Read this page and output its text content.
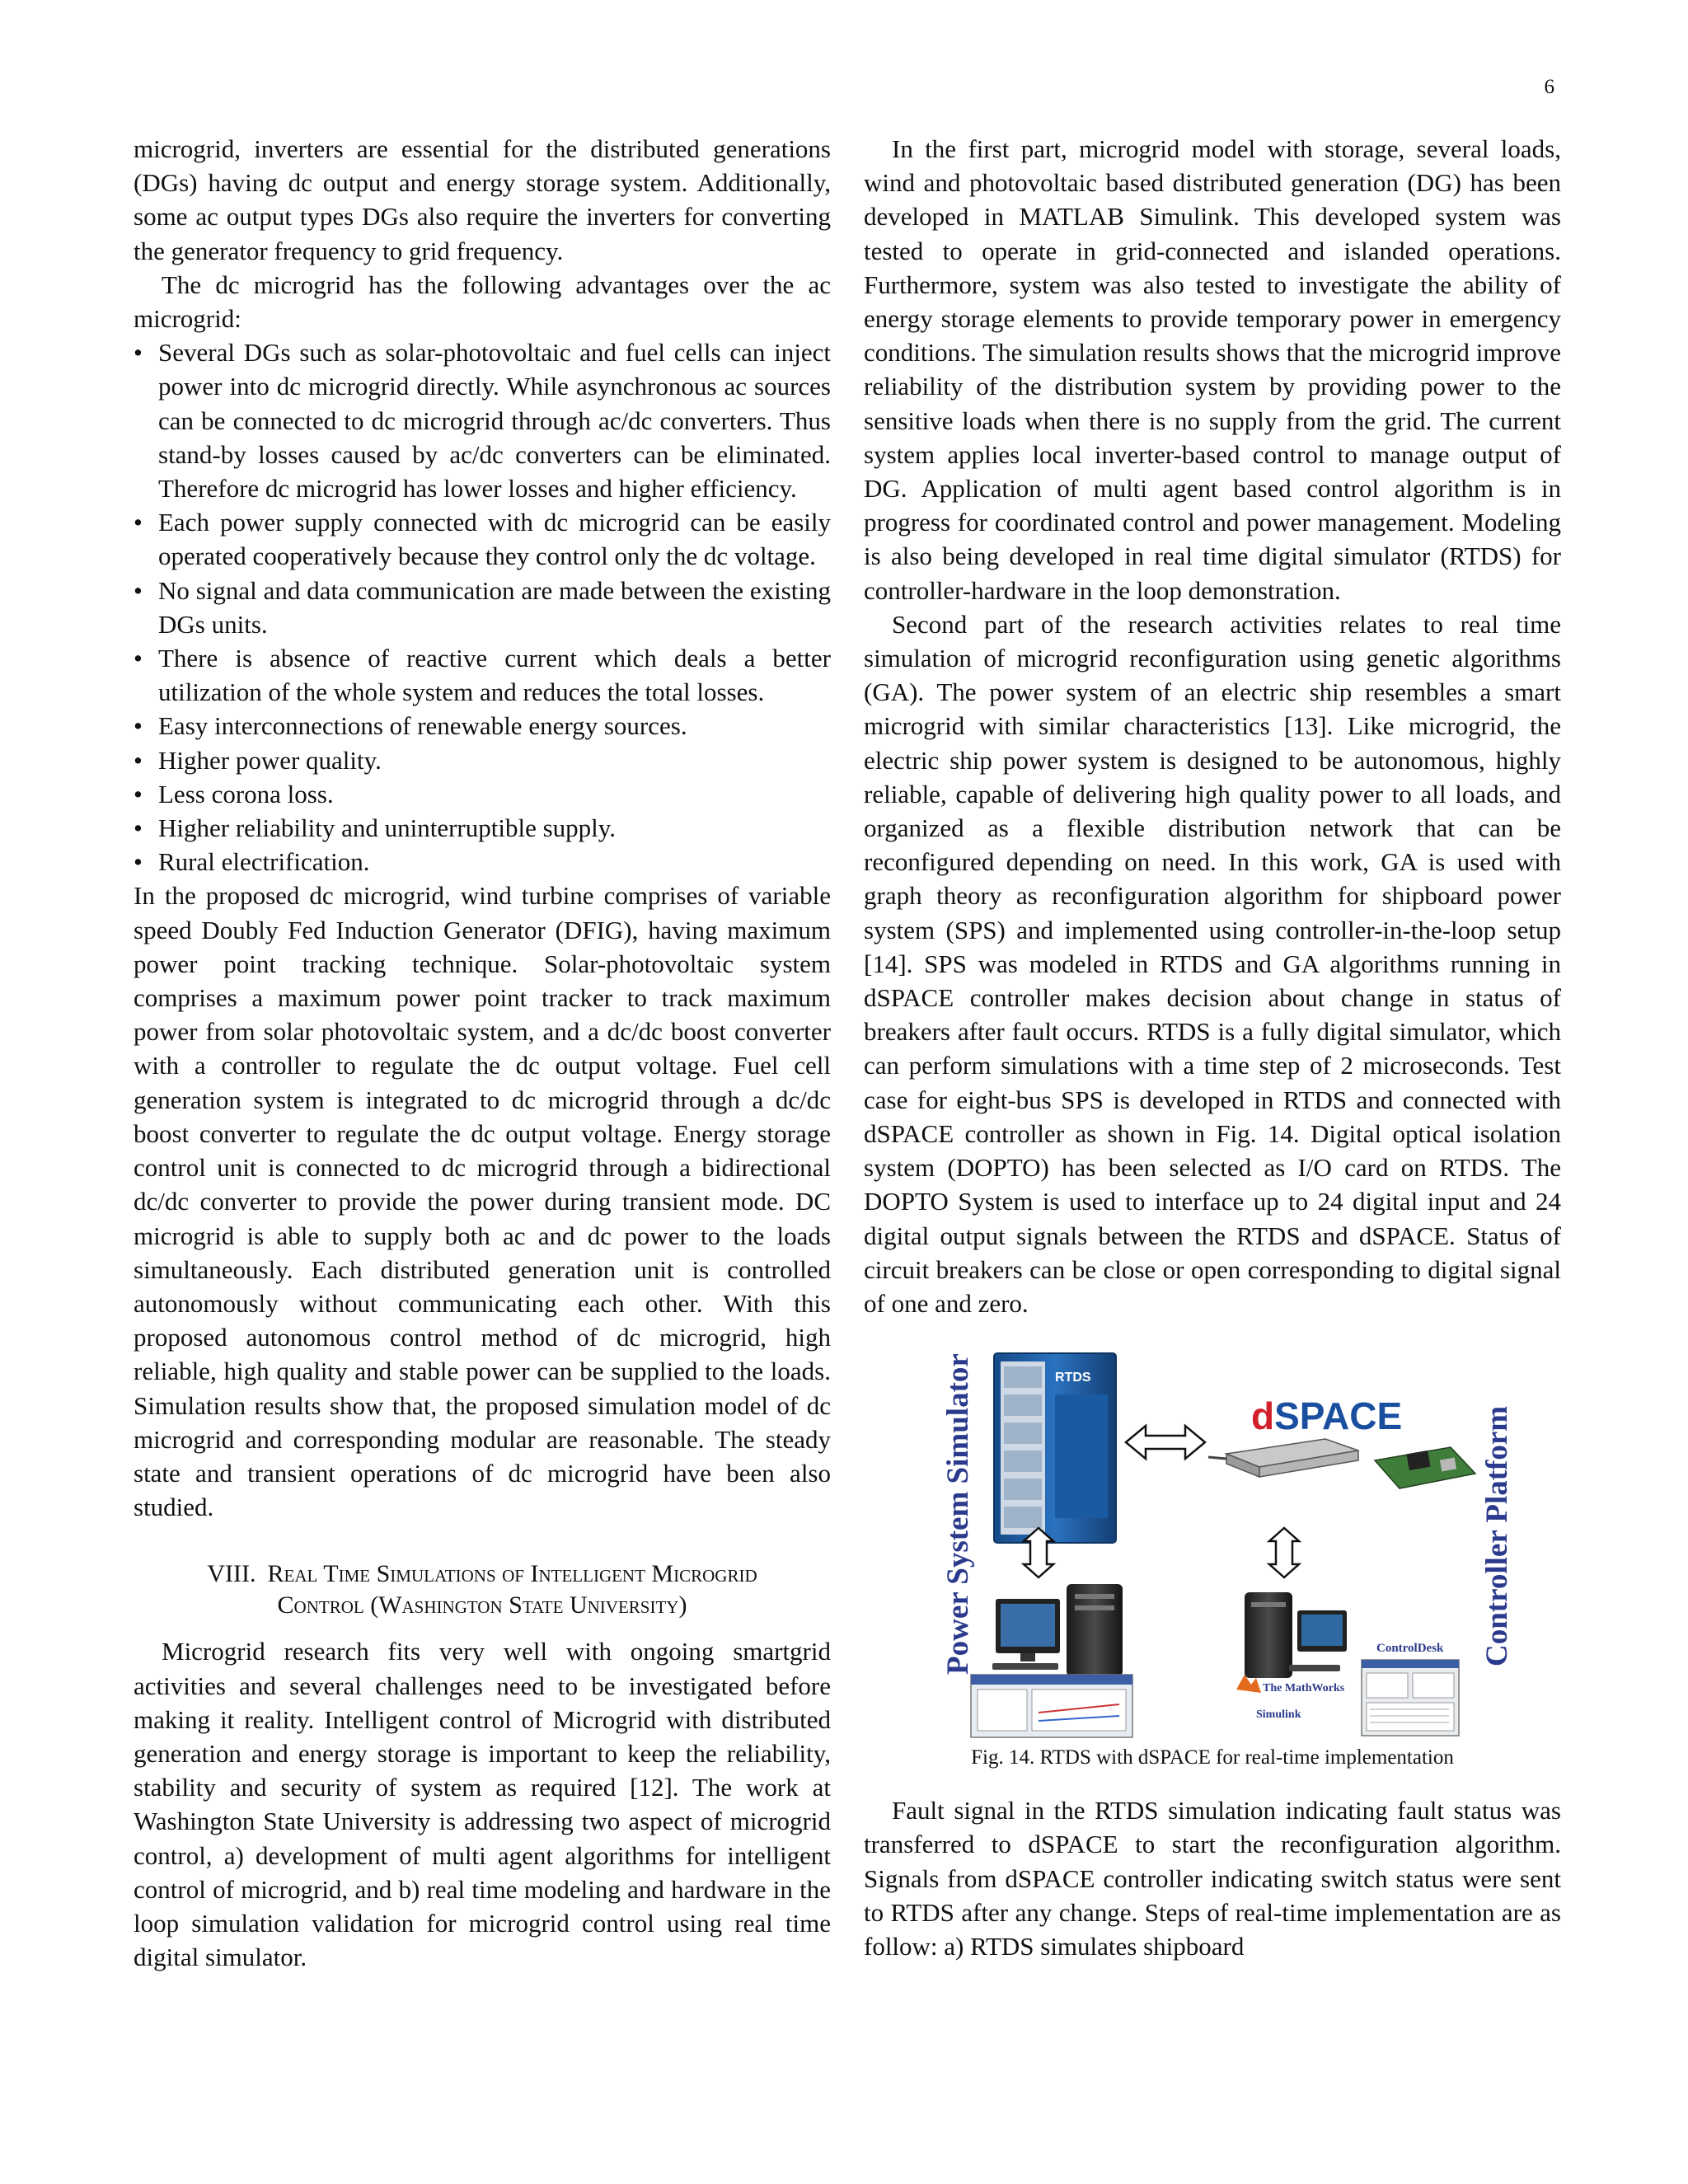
6

microgrid, inverters are essential for the distributed generations (DGs) having dc output and energy storage system. Additionally, some ac output types DGs also require the inverters for converting the generator frequency to grid frequency.

The dc microgrid has the following advantages over the ac microgrid:

• Several DGs such as solar-photovoltaic and fuel cells can inject power into dc microgrid directly. While asynchronous ac sources can be connected to dc microgrid through ac/dc converters. Thus stand-by losses caused by ac/dc converters can be eliminated. Therefore dc microgrid has lower losses and higher efficiency.
• Each power supply connected with dc microgrid can be easily operated cooperatively because they control only the dc voltage.
• No signal and data communication are made between the existing DGs units.
• There is absence of reactive current which deals a better utilization of the whole system and reduces the total losses.
• Easy interconnections of renewable energy sources.
• Higher power quality.
• Less corona loss.
• Higher reliability and uninterruptible supply.
• Rural electrification.

In the proposed dc microgrid, wind turbine comprises of variable speed Doubly Fed Induction Generator (DFIG), having maximum power point tracking technique. Solar-photovoltaic system comprises a maximum power point tracker to track maximum power from solar photovoltaic system, and a dc/dc boost converter with a controller to regulate the dc output voltage. Fuel cell generation system is integrated to dc microgrid through a dc/dc boost converter to regulate the dc output voltage. Energy storage control unit is connected to dc microgrid through a bidirectional dc/dc converter to provide the power during transient mode. DC microgrid is able to supply both ac and dc power to the loads simultaneously. Each distributed generation unit is controlled autonomously without communicating each other. With this proposed autonomous control method of dc microgrid, high reliable, high quality and stable power can be supplied to the loads. Simulation results show that, the proposed simulation model of dc microgrid and corresponding modular are reasonable. The steady state and transient operations of dc microgrid have been also studied.

VIII. Real Time Simulations of Intelligent Microgrid
Control (Washington State University)

Microgrid research fits very well with ongoing smartgrid activities and several challenges need to be investigated before making it reality. Intelligent control of Microgrid with distributed generation and energy storage is important to keep the reliability, stability and security of system as required [12]. The work at Washington State University is addressing two aspect of microgrid control, a) development of multi agent algorithms for intelligent control of microgrid, and b) real time modeling and hardware in the loop simulation validation for microgrid control using real time digital simulator.

In the first part, microgrid model with storage, several loads, wind and photovoltaic based distributed generation (DG) has been developed in MATLAB Simulink. This developed system was tested to operate in grid-connected and islanded operations. Furthermore, system was also tested to investigate the ability of energy storage elements to provide temporary power in emergency conditions. The simulation results shows that the microgrid improve reliability of the distribution system by providing power to the sensitive loads when there is no supply from the grid. The current system applies local inverter-based control to manage output of DG. Application of multi agent based control algorithm is in progress for coordinated control and power management. Modeling is also being developed in real time digital simulator (RTDS) for controller-hardware in the loop demonstration.

Second part of the research activities relates to real time simulation of microgrid reconfiguration using genetic algorithms (GA). The power system of an electric ship resembles a smart microgrid with similar characteristics [13]. Like microgrid, the electric ship power system is designed to be autonomous, highly reliable, capable of delivering high quality power to all loads, and organized as a flexible distribution network that can be reconfigured depending on need. In this work, GA is used with graph theory as reconfiguration algorithm for shipboard power system (SPS) and implemented using controller-in-the-loop setup [14]. SPS was modeled in RTDS and GA algorithms running in dSPACE controller makes decision about change in status of breakers after fault occurs. RTDS is a fully digital simulator, which can perform simulations with a time step of 2 microseconds. Test case for eight-bus SPS is developed in RTDS and connected with dSPACE controller as shown in Fig. 14. Digital optical isolation system (DOPTO) has been selected as I/O card on RTDS. The DOPTO System is used to interface up to 24 digital input and 24 digital output signals between the RTDS and dSPACE. Status of circuit breakers can be close or open corresponding to digital signal of one and zero.

Power System Simulator	RTDS
dSPACE	Controller Platform
The MathWorks
Simulink
ControlDesk
Fig. 14. RTDS with dSPACE for real-time implementation

Fault signal in the RTDS simulation indicating fault status was transferred to dSPACE to start the reconfiguration algorithm. Signals from dSPACE controller indicating switch status were sent to RTDS after any change. Steps of real-time implementation are as follow: a) RTDS simulates shipboard
